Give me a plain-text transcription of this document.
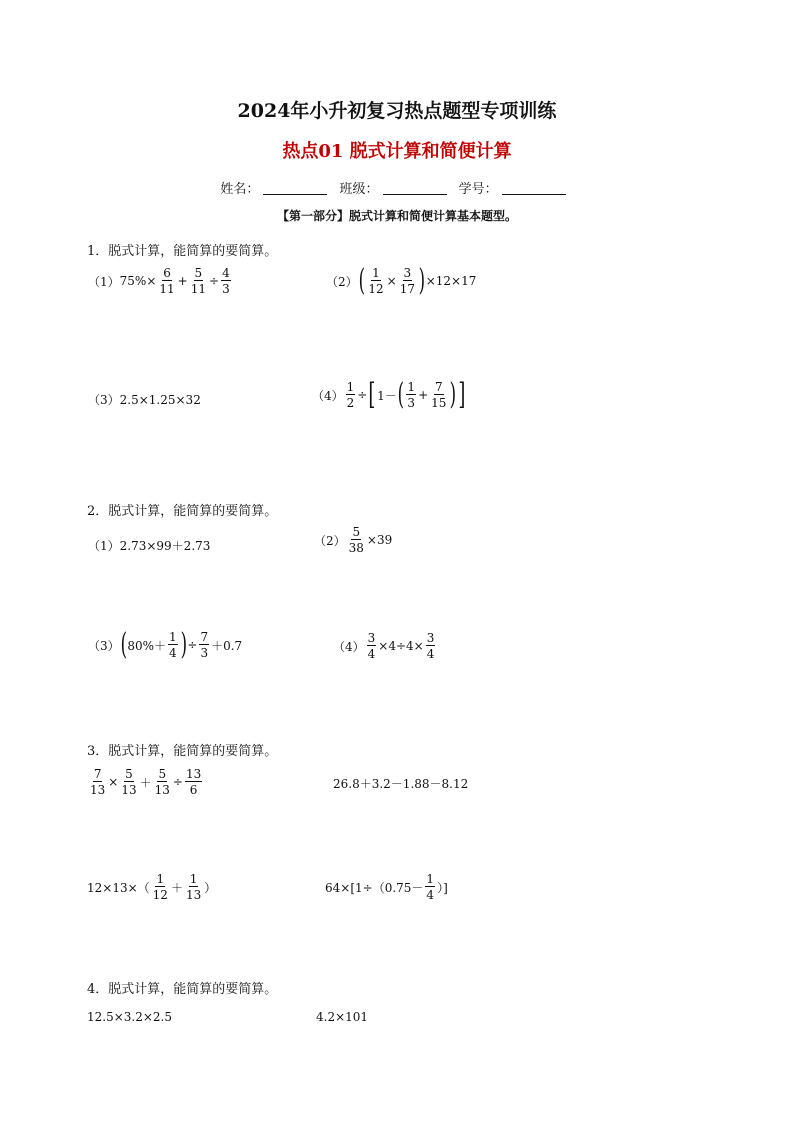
2024年小升初复习热点题型专项训练
热点01 脱式计算和简便计算
姓名：	班级：	学号：
【第一部分】脱式计算和简便计算基本题型。
1．脱式计算，能简算的要简算。
（1） $75\%\times \frac{6}{11} + \frac{5}{11} \div \frac{4}{3}$	（2） ( $\frac{1}{12} \times \frac{3}{17}$ ) ×12×17
（3） 2.5×1.25×32	$(4) \frac{1}{2}$ ÷ [ 1－ ( $\frac{1}{3} + \frac{7}{15}$ ) ]
2．脱式计算，能简算的要简算。
（1） 2.73×99＋2.73	$(2) \frac{5}{38} \times 39$
（3） ( $80\%+ \frac{1}{4}$ ) ÷ $\frac{7}{3} +0.7$	$(4) \frac{3}{4} \times 4\div 4\times \frac{3}{4}$
3．脱式计算，能简算的要简算。
$\frac{7}{13} \times \frac{5}{13} + \frac{5}{13} \div \frac{13}{6}$	26.8＋3.2－1.88－8.12
$12\times 13\times( \frac{1}{12} + \frac{1}{13}$ ）	$64\times[1\div(0.75- \frac{1}{4}$ ）]
4．脱式计算，能简算的要简算。
12.5×3.2×2.5	4.2×101
